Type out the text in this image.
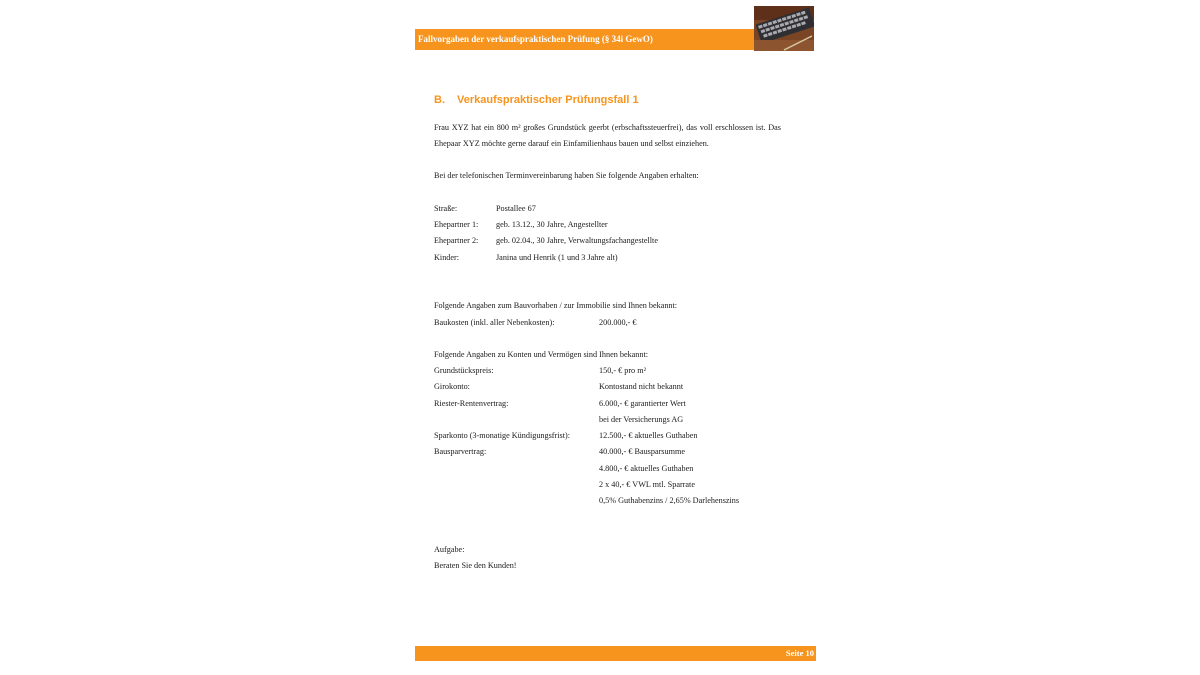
Fallvorgaben der verkaufspraktischen Prüfung (§ 34i GewO)
B. Verkaufspraktischer Prüfungsfall 1
Frau XYZ hat ein 800 m² großes Grundstück geerbt (erbschaftssteuerfrei), das voll erschlossen ist. Das Ehepaar XYZ möchte gerne darauf ein Einfamilienhaus bauen und selbst einziehen.
Bei der telefonischen Terminvereinbarung haben Sie folgende Angaben erhalten:
Straße:	Postallee 67
Ehepartner 1: geb. 13.12., 30 Jahre, Angestellter
Ehepartner 2: geb. 02.04., 30 Jahre, Verwaltungsfachangestellte
Kinder:	Janina und Henrik (1 und 3 Jahre alt)
Folgende Angaben zum Bauvorhaben / zur Immobilie sind Ihnen bekannt:
Baukosten (inkl. aller Nebenkosten):	200.000,- €
Folgende Angaben zu Konten und Vermögen sind Ihnen bekannt:
Grundstückspreis:	150,- € pro m²
Girokonto:	Kontostand nicht bekannt
Riester-Rentenvertrag:	6.000,- € garantierter Wert
bei der Versicherungs AG
Sparkonto (3-monatige Kündigungsfrist):	12.500,- € aktuelles Guthaben
Bausparvertrag:	40.000,- € Bausparsumme
4.800,- € aktuelles Guthaben
2 x 40,- € VWL mtl. Sparrate
0,5% Guthabenzins / 2,65% Darlehenszins
Aufgabe:
Beraten Sie den Kunden!
Seite 10
